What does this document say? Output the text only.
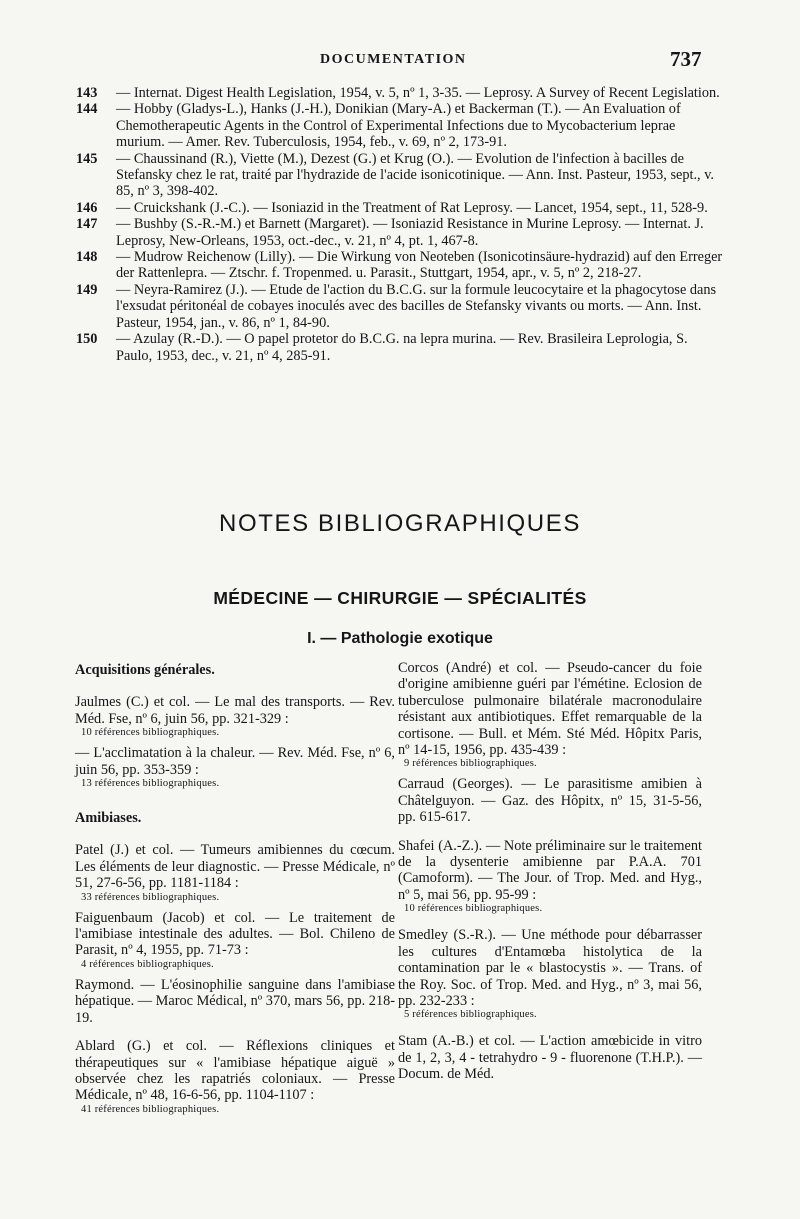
DOCUMENTATION	737

143 — Internat. Digest Health Legislation, 1954, v. 5, nº 1, 3-35. — Leprosy. A Survey of Recent Legislation.

144 — Hobby (Gladys-L.), Hanks (J.-H.), Donikian (Mary-A.) et Backerman (T.). — An Evaluation of Chemotherapeutic Agents in the Control of Experimental Infections due to Mycobacterium leprae murium. — Amer. Rev. Tuberculosis, 1954, feb., v. 69, nº 2, 173-91.

145 — Chaussinand (R.), Viette (M.), Dezest (G.) et Krug (O.). — Evolution de l'infection à bacilles de Stefansky chez le rat, traité par l'hydrazide de l'acide isonicotinique. — Ann. Inst. Pasteur, 1953, sept., v. 85, nº 3, 398-402.

146 — Cruickshank (J.-C.). — Isoniazid in the Treatment of Rat Leprosy. — Lancet, 1954, sept., 11, 528-9.

147 — Bushby (S.-R.-M.) et Barnett (Margaret). — Isoniazid Resistance in Murine Leprosy. — Internat. J. Leprosy, New-Orleans, 1953, oct.-dec., v. 21, nº 4, pt. 1, 467-8.

148 — Mudrow Reichenow (Lilly). — Die Wirkung von Neoteben (Isonicotinsäure-hydrazid) auf den Erreger der Rattenlepra. — Ztschr. f. Tropenmed. u. Parasit., Stuttgart, 1954, apr., v. 5, nº 2, 218-27.

149 — Neyra-Ramirez (J.). — Etude de l'action du B.C.G. sur la formule leucocytaire et la phagocytose dans l'exsudat péritonéal de cobayes inoculés avec des bacilles de Stefansky vivants ou morts. — Ann. Inst. Pasteur, 1954, jan., v. 86, nº 1, 84-90.

150 — Azulay (R.-D.). — O papel protetor do B.C.G. na lepra murina. — Rev. Brasileira Leprologia, S. Paulo, 1953, dec., v. 21, nº 4, 285-91.

NOTES BIBLIOGRAPHIQUES
MÉDECINE — CHIRURGIE — SPÉCIALITÉS
I. — Pathologie exotique
Acquisitions générales.
Jaulmes (C.) et col. — Le mal des transports. — Rev. Méd. Fse, nº 6, juin 56, pp. 321-329 :
10 références bibliographiques.
— L'acclimatation à la chaleur. — Rev. Méd. Fse, nº 6, juin 56, pp. 353-359 :
13 références bibliographiques.
Amibiases.
Patel (J.) et col. — Tumeurs amibiennes du cœcum. Les éléments de leur diagnostic. — Presse Médicale, nº 51, 27-6-56, pp. 1181-1184 :
33 références bibliographiques.
Faiguenbaum (Jacob) et col. — Le traitement de l'amibiase intestinale des adultes. — Bol. Chileno de Parasit, nº 4, 1955, pp. 71-73 :
4 références bibliographiques.
Raymond. — L'éosinophilie sanguine dans l'amibiase hépatique. — Maroc Médical, nº 370, mars 56, pp. 218-19.
Ablard (G.) et col. — Réflexions cliniques et thérapeutiques sur « l'amibiase hépatique aiguë » observée chez les rapatriés coloniaux. — Presse Médicale, nº 48, 16-6-56, pp. 1104-1107 :
41 références bibliographiques.
Corcos (André) et col. — Pseudo-cancer du foie d'origine amibienne guéri par l'émétine. Eclosion de tuberculose pulmonaire bilatérale macronodulaire résistant aux antibiotiques. Effet remarquable de la cortisone. — Bull. et Mém. Sté Méd. Hôpitx Paris, nº 14-15, 1956, pp. 435-439 :
9 références bibliographiques.
Carraud (Georges). — Le parasitisme amibien à Châtelguyon. — Gaz. des Hôpitx, nº 15, 31-5-56, pp. 615-617.
Shafei (A.-Z.). — Note préliminaire sur le traitement de la dysenterie amibienne par P.A.A. 701 (Camoform). — The Jour. of Trop. Med. and Hyg., nº 5, mai 56, pp. 95-99 :
10 références bibliographiques.
Smedley (S.-R.). — Une méthode pour débarrasser les cultures d'Entamœba histolytica de la contamination par le « blastocystis ». — Trans. of the Roy. Soc. of Trop. Med. and Hyg., nº 3, mai 56, pp. 232-233 :
5 références bibliographiques.
Stam (A.-B.) et col. — L'action amœbicide in vitro de 1, 2, 3, 4 - tetrahydro - 9 - fluorenone (T.H.P.). — Docum. de Méd.
